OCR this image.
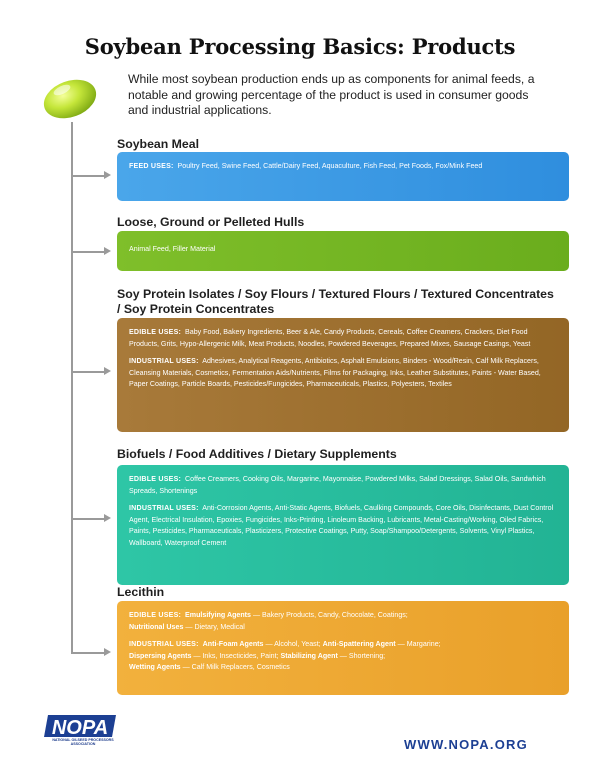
Soybean Processing Basics: Products
While most soybean production ends up as components for animal feeds, a notable and growing percentage of the product is used in consumer goods and industrial applications.
Soybean Meal

FEED USES: Poultry Feed, Swine Feed, Cattle/Dairy Feed, Aquaculture, Fish Feed, Pet Foods, Fox/Mink Feed

Loose, Ground or Pelleted Hulls

Animal Feed, Filler Material

Soy Protein Isolates / Soy Flours / Textured Flours / Textured Concentrates / Soy Protein Concentrates

EDIBLE USES: Baby Food, Bakery Ingredients, Beer & Ale, Candy Products, Cereals, Coffee Creamers, Crackers, Diet Food Products, Grits, Hypo-Allergenic Milk, Meat Products, Noodles, Powdered Beverages, Prepared Mixes, Sausage Casings, Yeast

INDUSTRIAL USES: Adhesives, Analytical Reagents, Antibiotics, Asphalt Emulsions, Binders - Wood/Resin, Calf Milk Replacers, Cleansing Materials, Cosmetics, Fermentation Aids/Nutrients, Films for Packaging, Inks, Leather Substitutes, Paints - Water Based, Paper Coatings, Particle Boards, Pesticides/Fungicides, Pharmaceuticals, Plastics, Polyesters, Textiles

Biofuels / Food Additives / Dietary Supplements

EDIBLE USES: Coffee Creamers, Cooking Oils, Margarine, Mayonnaise, Powdered Milks, Salad Dressings, Salad Oils, Sandwhich Spreads, Shortenings

INDUSTRIAL USES: Anti-Corrosion Agents, Anti-Static Agents, Biofuels, Caulking Compounds, Core Oils, Disinfectants, Dust Control Agent, Electrical Insulation, Epoxies, Fungicides, Inks-Printing, Linoleum Backing, Lubricants, Metal-Casting/Working, Oiled Fabrics, Paints, Pesticides, Pharmaceuticals, Plasticizers, Protective Coatings, Putty, Soap/Shampoo/Detergents, Solvents, Vinyl Plastics, Wallboard, Waterproof Cement

Lecithin

EDIBLE USES: Emulsifying Agents — Bakery Products, Candy, Chocolate, Coatings;
Nutritional Uses — Dietary, Medical

INDUSTRIAL USES: Anti-Foam Agents — Alcohol, Yeast; Anti-Spattering Agent — Margarine;
Dispersing Agents — Inks, Insecticides, Paint; Stabilizing Agent — Shortening;
Wetting Agents — Calf Milk Replacers, Cosmetics

NOPA
NATIONAL OILSEED PROCESSORS ASSOCIATION	WWW.NOPA.ORG
